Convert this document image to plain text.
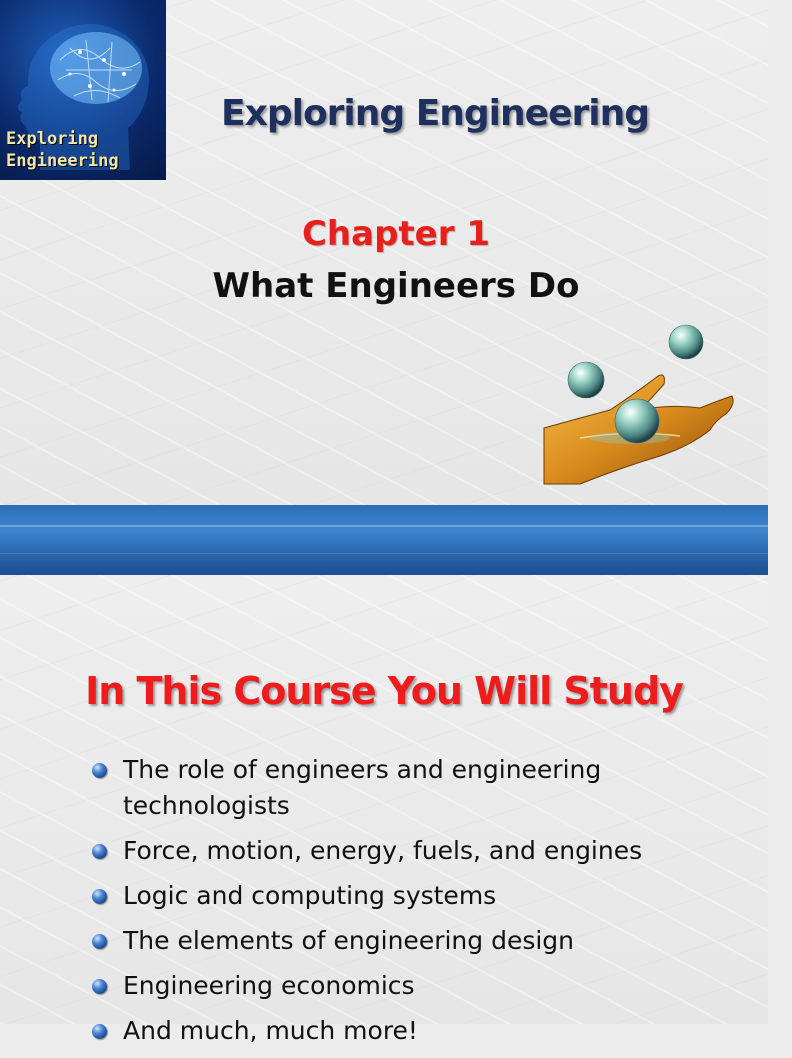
Exploring
Engineering
Exploring Engineering
Chapter 1
What Engineers Do
In This Course You Will Study
The role of engineers and engineering technologists
Force, motion, energy, fuels, and engines
Logic and computing systems
The elements of engineering design
Engineering economics
And much, much more!
